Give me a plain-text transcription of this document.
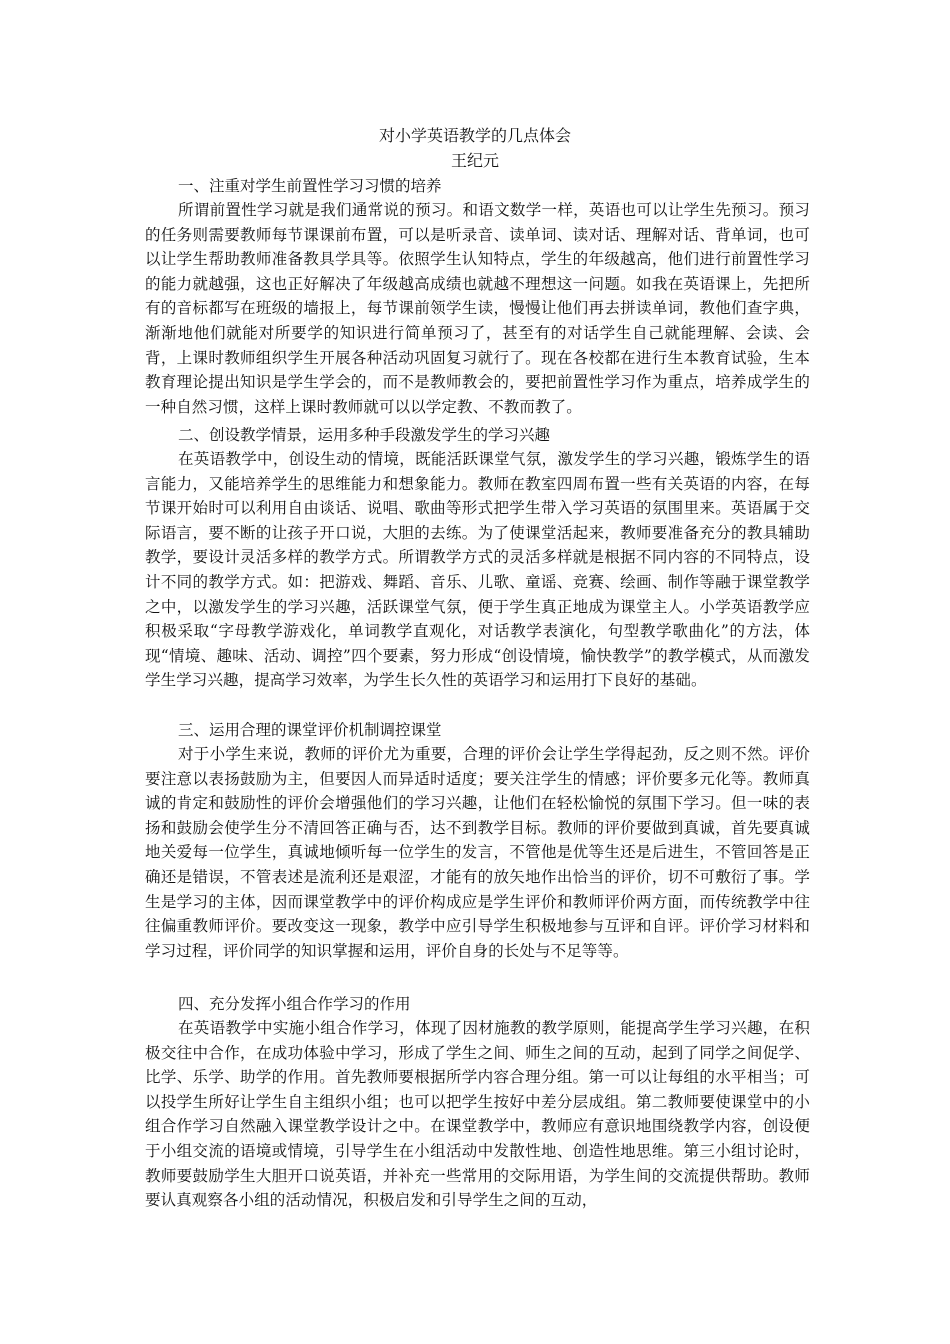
对小学英语教学的几点体会
王纪元

一、注重对学生前置性学习习惯的培养

所谓前置性学习就是我们通常说的预习。和语文数学一样，英语也可以让学生先预习。预习的任务则需要教师每节课课前布置，可以是听录音、读单词、读对话、理解对话、背单词，也可以让学生帮助教师准备教具学具等。依照学生认知特点，学生的年级越高，他们进行前置性学习的能力就越强，这也正好解决了年级越高成绩也就越不理想这一问题。如我在英语课上，先把所有的音标都写在班级的墙报上，每节课前领学生读，慢慢让他们再去拼读单词，教他们查字典，渐渐地他们就能对所要学的知识进行简单预习了，甚至有的对话学生自己就能理解、会读、会背，上课时教师组织学生开展各种活动巩固复习就行了。现在各校都在进行生本教育试验，生本教育理论提出知识是学生学会的，而不是教师教会的，要把前置性学习作为重点，培养成学生的一种自然习惯，这样上课时教师就可以以学定教、不教而教了。

二、创设教学情景，运用多种手段激发学生的学习兴趣

在英语教学中，创设生动的情境，既能活跃课堂气氛，激发学生的学习兴趣，锻炼学生的语言能力，又能培养学生的思维能力和想象能力。教师在教室四周布置一些有关英语的内容，在每节课开始时可以利用自由谈话、说唱、歌曲等形式把学生带入学习英语的氛围里来。英语属于交际语言，要不断的让孩子开口说，大胆的去练。为了使课堂活起来，教师要准备充分的教具辅助教学，要设计灵活多样的教学方式。所谓教学方式的灵活多样就是根据不同内容的不同特点，设计不同的教学方式。如：把游戏、舞蹈、音乐、儿歌、童谣、竞赛、绘画、制作等融于课堂教学之中，以激发学生的学习兴趣，活跃课堂气氛，便于学生真正地成为课堂主人。小学英语教学应积极采取“字母教学游戏化，单词教学直观化，对话教学表演化，句型教学歌曲化”的方法，体现“情境、趣味、活动、调控”四个要素，努力形成“创设情境，愉快教学”的教学模式，从而激发学生学习兴趣，提高学习效率，为学生长久性的英语学习和运用打下良好的基础。

三、运用合理的课堂评价机制调控课堂

对于小学生来说，教师的评价尤为重要，合理的评价会让学生学得起劲，反之则不然。评价要注意以表扬鼓励为主，但要因人而异适时适度；要关注学生的情感；评价要多元化等。教师真诚的肯定和鼓励性的评价会增强他们的学习兴趣，让他们在轻松愉悦的氛围下学习。但一味的表扬和鼓励会使学生分不清回答正确与否，达不到教学目标。教师的评价要做到真诚，首先要真诚地关爱每一位学生，真诚地倾听每一位学生的发言，不管他是优等生还是后进生，不管回答是正确还是错误，不管表述是流利还是艰涩，才能有的放矢地作出恰当的评价，切不可敷衍了事。学生是学习的主体，因而课堂教学中的评价构成应是学生评价和教师评价两方面，而传统教学中往往偏重教师评价。要改变这一现象，教学中应引导学生积极地参与互评和自评。评价学习材料和学习过程，评价同学的知识掌握和运用，评价自身的长处与不足等等。

四、充分发挥小组合作学习的作用

在英语教学中实施小组合作学习，体现了因材施教的教学原则，能提高学生学习兴趣，在积极交往中合作，在成功体验中学习，形成了学生之间、师生之间的互动，起到了同学之间促学、比学、乐学、助学的作用。首先教师要根据所学内容合理分组。第一可以让每组的水平相当；可以投学生所好让学生自主组织小组；也可以把学生按好中差分层成组。第二教师要使课堂中的小组合作学习自然融入课堂教学设计之中。在课堂教学中，教师应有意识地围绕教学内容，创设便于小组交流的语境或情境，引导学生在小组活动中发散性地、创造性地思维。第三小组讨论时，教师要鼓励学生大胆开口说英语，并补充一些常用的交际用语，为学生间的交流提供帮助。教师要认真观察各小组的活动情况，积极启发和引导学生之间的互动，
